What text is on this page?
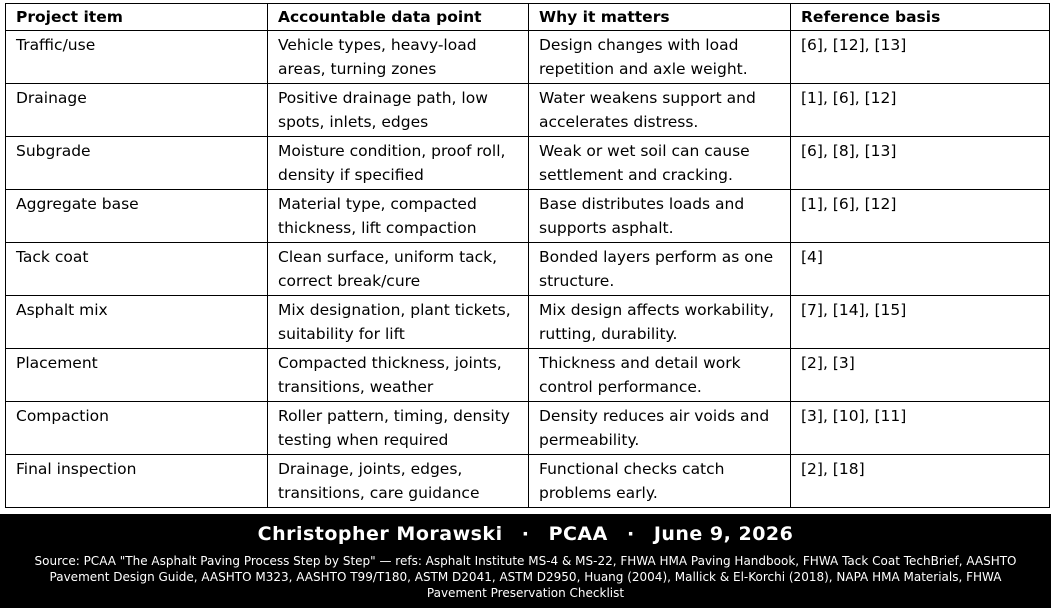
Project item	Accountable data point	Why it matters	Reference basis
Traffic/use	Vehicle types, heavy-load areas, turning zones	Design changes with load repetition and axle weight.	[6], [12], [13]
Drainage	Positive drainage path, low spots, inlets, edges	Water weakens support and accelerates distress.	[1], [6], [12]
Subgrade	Moisture condition, proof roll, density if specified	Weak or wet soil can cause settlement and cracking.	[6], [8], [13]
Aggregate base	Material type, compacted thickness, lift compaction	Base distributes loads and supports asphalt.	[1], [6], [12]
Tack coat	Clean surface, uniform tack, correct break/cure	Bonded layers perform as one structure.	[4]
Asphalt mix	Mix designation, plant tickets, suitability for lift	Mix design affects workability, rutting, durability.	[7], [14], [15]
Placement	Compacted thickness, joints, transitions, weather	Thickness and detail work control performance.	[2], [3]
Compaction	Roller pattern, timing, density testing when required	Density reduces air voids and permeability.	[3], [10], [11]
Final inspection	Drainage, joints, edges, transitions, care guidance	Functional checks catch problems early.	[2], [18]
Christopher Morawski · PCAA · June 9, 2026
Source: PCAA "The Asphalt Paving Process Step by Step" — refs: Asphalt Institute MS-4 & MS-22, FHWA HMA Paving Handbook, FHWA Tack Coat TechBrief, AASHTO Pavement Design Guide, AASHTO M323, AASHTO T99/T180, ASTM D2041, ASTM D2950, Huang (2004), Mallick & El-Korchi (2018), NAPA HMA Materials, FHWA Pavement Preservation Checklist
